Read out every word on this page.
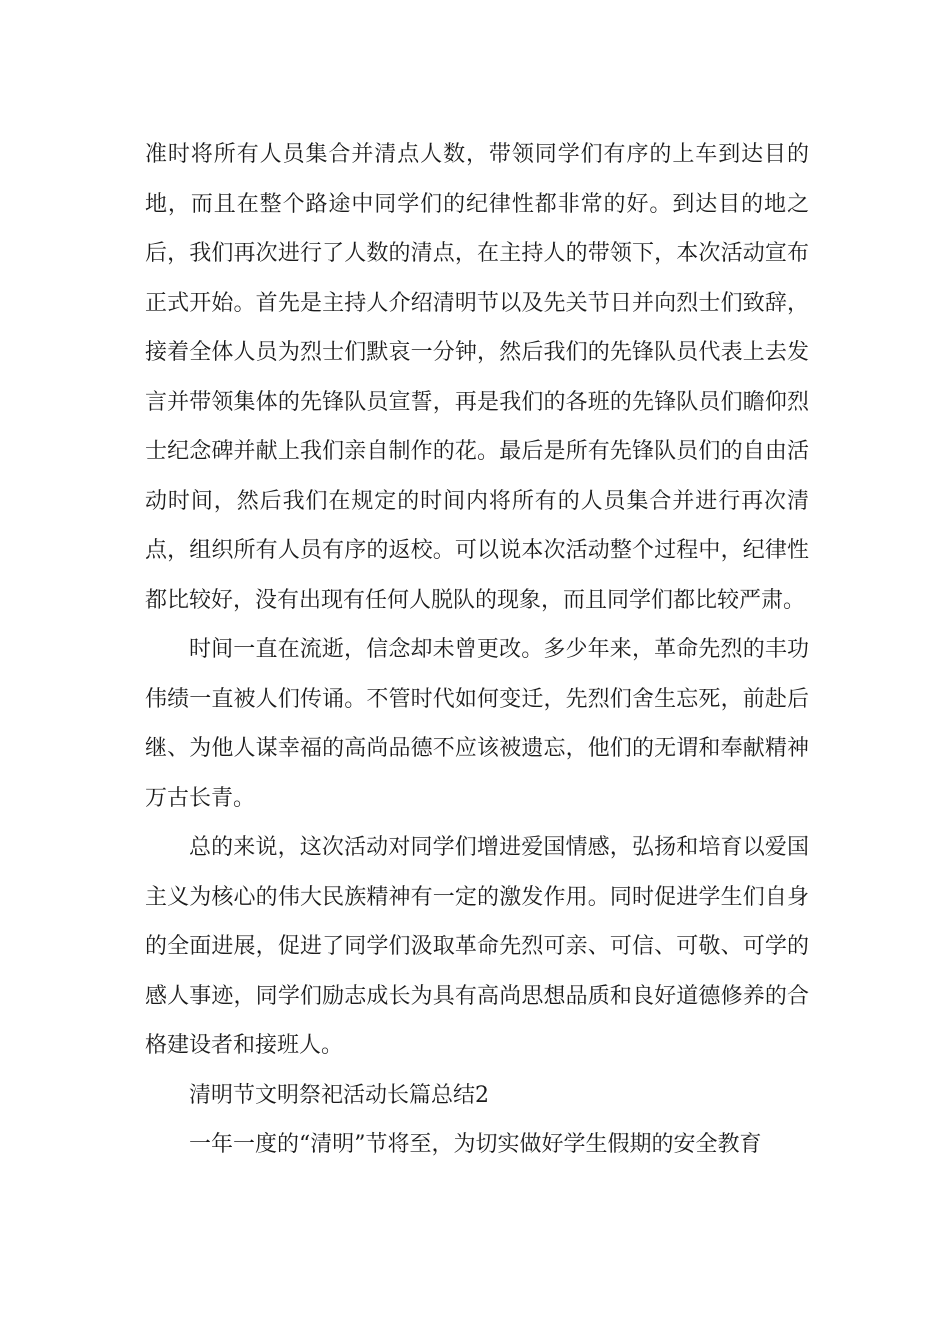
准时将所有人员集合并清点人数，带领同学们有序的上车到达目的地，而且在整个路途中同学们的纪律性都非常的好。到达目的地之后，我们再次进行了人数的清点，在主持人的带领下，本次活动宣布正式开始。首先是主持人介绍清明节以及先关节日并向烈士们致辞，接着全体人员为烈士们默哀一分钟，然后我们的先锋队员代表上去发言并带领集体的先锋队员宣誓，再是我们的各班的先锋队员们瞻仰烈士纪念碑并献上我们亲自制作的花。最后是所有先锋队员们的自由活动时间，然后我们在规定的时间内将所有的人员集合并进行再次清点，组织所有人员有序的返校。可以说本次活动整个过程中，纪律性都比较好，没有出现有任何人脱队的现象，而且同学们都比较严肃。

时间一直在流逝，信念却未曾更改。多少年来，革命先烈的丰功伟绩一直被人们传诵。不管时代如何变迁，先烈们舍生忘死，前赴后继、为他人谋幸福的高尚品德不应该被遗忘，他们的无谓和奉献精神万古长青。

总的来说，这次活动对同学们增进爱国情感，弘扬和培育以爱国主义为核心的伟大民族精神有一定的激发作用。同时促进学生们自身的全面进展，促进了同学们汲取革命先烈可亲、可信、可敬、可学的感人事迹，同学们励志成长为具有高尚思想品质和良好道德修养的合格建设者和接班人。

清明节文明祭祀活动长篇总结2

一年一度的“清明”节将至，为切实做好学生假期的安全教育
